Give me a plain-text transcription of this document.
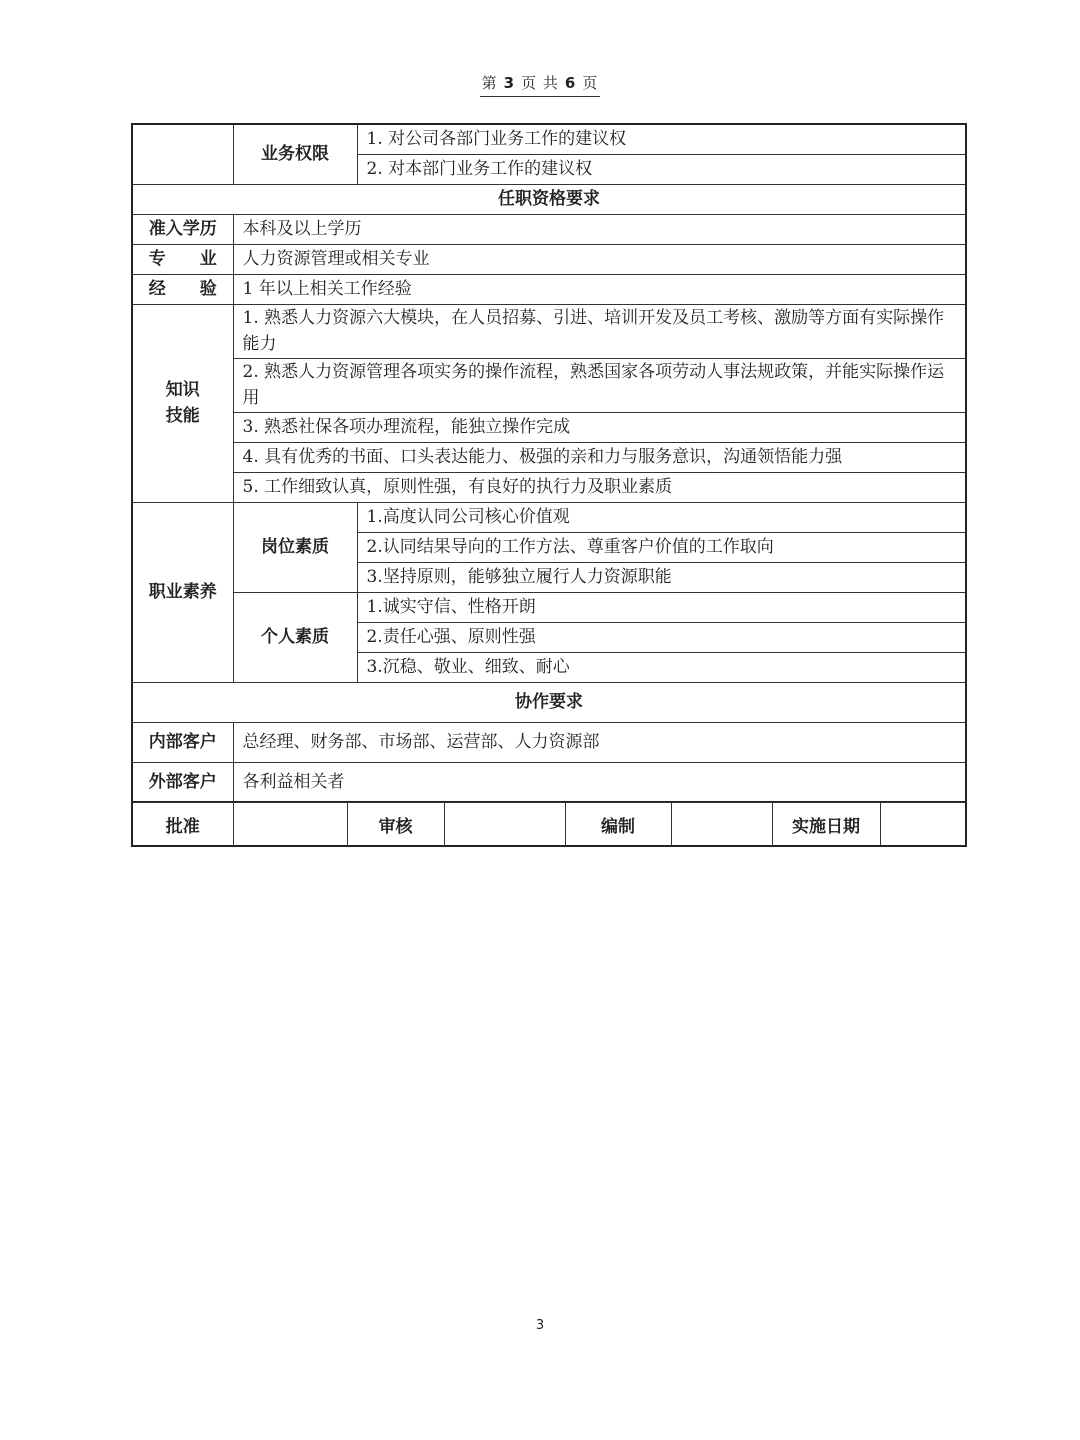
第 3 页 共 6 页
	业务权限	1. 对公司各部门业务工作的建议权
		2. 对本部门业务工作的建议权
任职资格要求		
准入学历	本科及以上学历	
专　　业	人力资源管理或相关专业	
经　　验	1 年以上相关工作经验	

知识
技能	1. 熟悉人力资源六大模块，在人员招募、引进、培训开发及员工考核、激励等方面有实际操作能力	
	2. 熟悉人力资源管理各项实务的操作流程，熟悉国家各项劳动人事法规政策，并能实际操作运用	
	3. 熟悉社保各项办理流程，能独立操作完成	
	4. 具有优秀的书面、口头表达能力、极强的亲和力与服务意识，沟通领悟能力强	
	5. 工作细致认真，原则性强，有良好的执行力及职业素质	
职业素养	岗位素质	1.高度认同公司核心价值观
		2.认同结果导向的工作方法、尊重客户价值的工作取向
		3.坚持原则，能够独立履行人力资源职能
	个人素质	1.诚实守信、性格开朗
		2.责任心强、原则性强
		3.沉稳、敬业、细致、耐心
协作要求		
内部客户	总经理、财务部、市场部、运营部、人力资源部	
外部客户	各利益相关者	
批准		审核		编制		实施日期	
3
